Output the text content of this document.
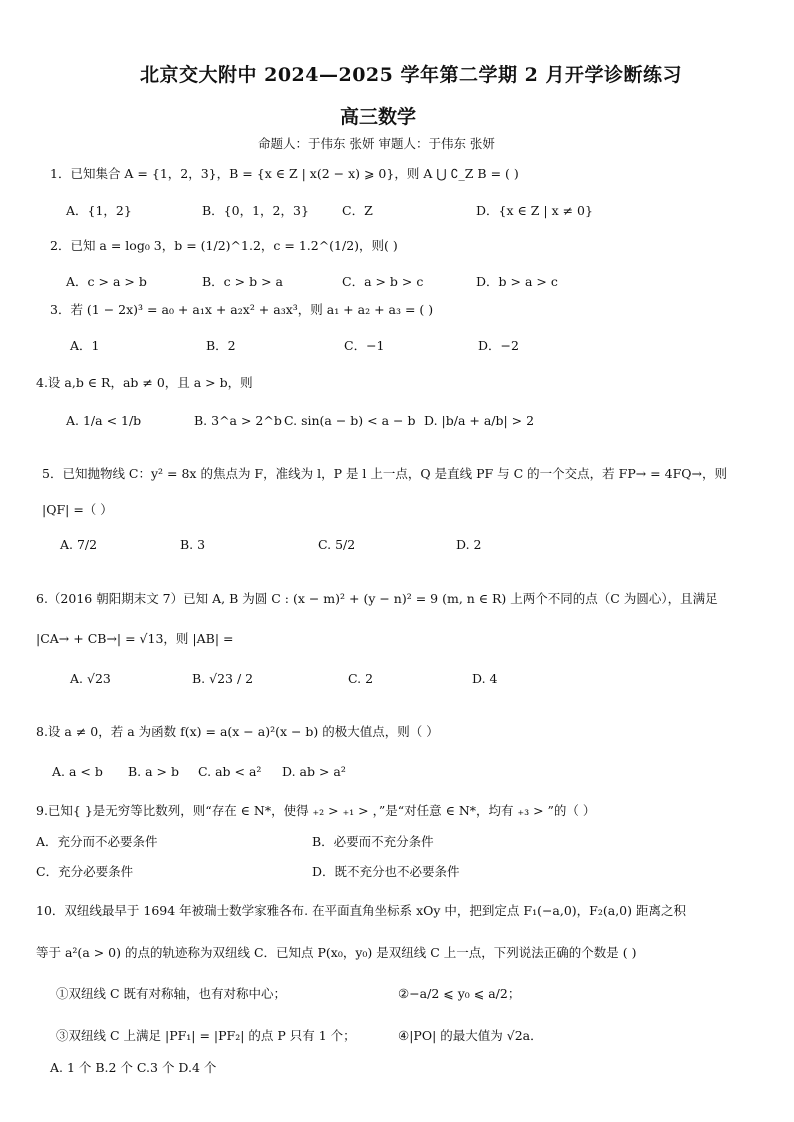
北京交大附中 2024—2025 学年第二学期 2 月开学诊断练习
高三数学
命题人：于伟东 张妍 审题人：于伟东 张妍
1．已知集合 A = {1，2，3}，B = {x ∈ Z | x(2 − x) ⩾ 0}，则 A ⋃ ∁_Z B = ( )
A．{1，2}	B．{0，1，2，3}	C．Z	D．{x ∈ Z | x ≠ 0}
2．已知 a = log₀ 3，b = (1/2)^1.2，c = 1.2^(1/2)，则( )
A．c > a > b	B．c > b > a	C．a > b > c	D．b > a > c
3．若 (1 − 2x)³ = a₀ + a₁x + a₂x² + a₃x³，则 a₁ + a₂ + a₃ = ( )
A．1	B．2	C．−1	D．−2
4.设 a,b ∈ R，ab ≠ 0，且 a > b，则
A. 1/a < 1/b	B. 3^a > 2^b C. sin(a − b) < a − b D. |b/a + a/b| > 2
5．已知抛物线 C：y² = 8x 的焦点为 F，准线为 l，P 是 l 上一点，Q 是直线 PF 与 C 的一个交点，若 FP→ = 4FQ→，则
|QF| =（ ）
A. 7/2	B. 3	C. 5/2	D. 2
6.（2016 朝阳期末文 7）已知 A, B 为圆 C : (x − m)² + (y − n)² = 9 (m, n ∈ R) 上两个不同的点（C 为圆心），且满足
|CA→ + CB→| = √13，则 |AB| =
A. √23	B. √23 / 2	C. 2	D. 4
8.设 a ≠ 0，若 a 为函数 f(x) = a(x − a)²(x − b) 的极大值点，则（ ）
A. a < b B. a > b C. ab < a² D. ab > a²
9.已知{ }是无穷等比数列，则“存在 ∈ N*，使得 ₊₂ > ₊₁ > ，”是“对任意 ∈ N*，均有 ₊₃ > ”的（ ）
A．充分而不必要条件	B．必要而不充分条件
C．充分必要条件	D．既不充分也不必要条件
10．双纽线最早于 1694 年被瑞士数学家雅各布. 在平面直角坐标系 xOy 中，把到定点 F₁(−a,0)，F₂(a,0) 距离之积
等于 a²(a > 0) 的点的轨迹称为双纽线 C．已知点 P(x₀，y₀) 是双纽线 C 上一点，下列说法正确的个数是 ( )
①双纽线 C 既有对称轴，也有对称中心；	②−a/2 ⩽ y₀ ⩽ a/2；
③双纽线 C 上满足 |PF₁| = |PF₂| 的点 P 只有 1 个；	④|PO| 的最大值为 √2a．
A. 1 个 B.2 个 C.3 个 D.4 个
